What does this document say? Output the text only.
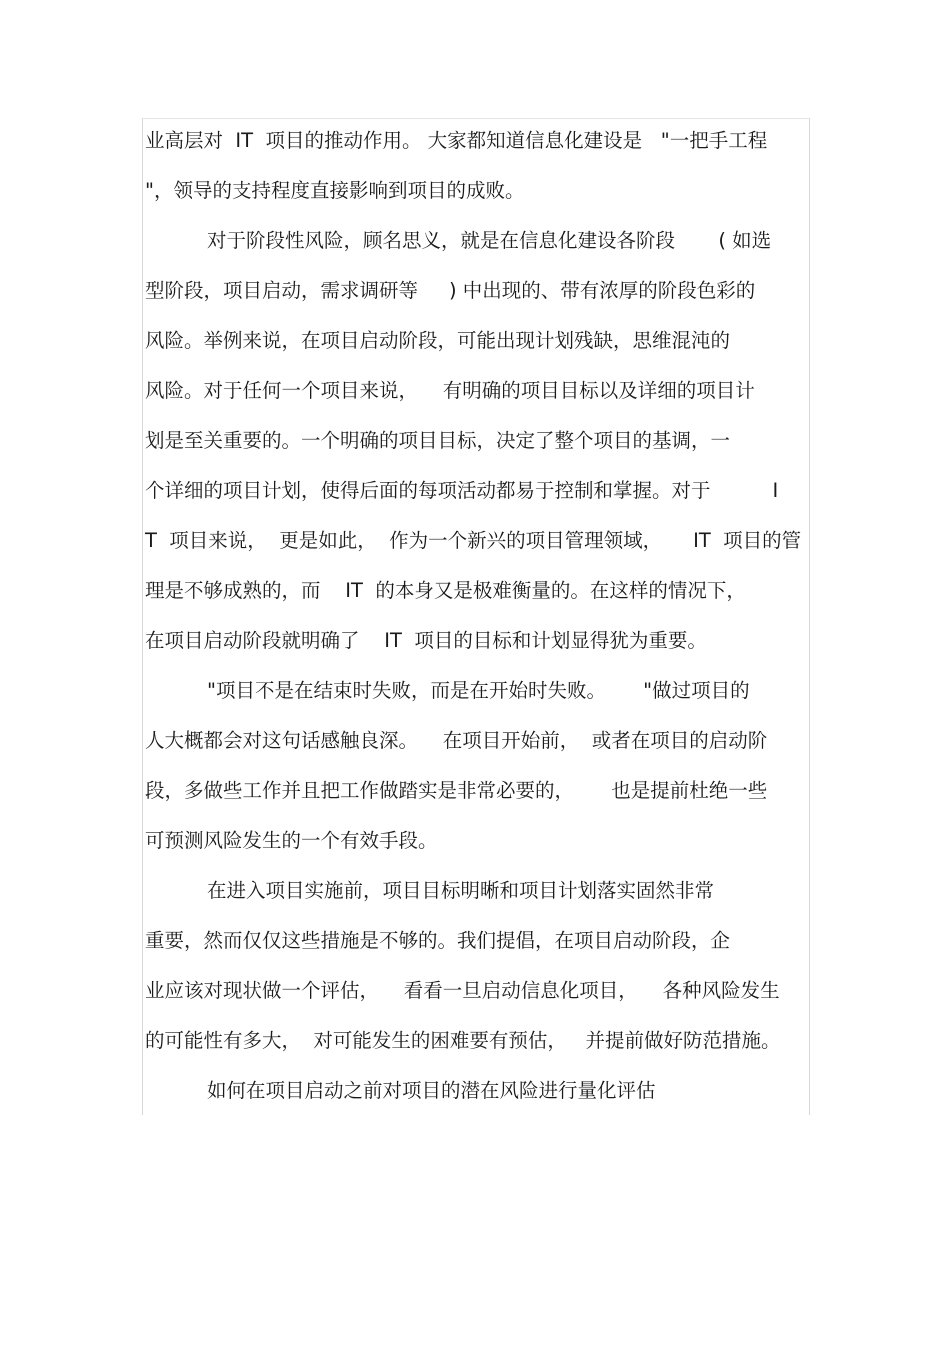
业高层对  IT  项目的推动作用。 大家都知道信息化建设是   "一把手工程
"，领导的支持程度直接影响到项目的成败。
对于阶段性风险，顾名思义，就是在信息化建设各阶段       ( 如选
型阶段，项目启动，需求调研等     ) 中出现的、带有浓厚的阶段色彩的
风险。举例来说，在项目启动阶段，可能出现计划残缺，思维混沌的
风险。对于任何一个项目来说，    有明确的项目目标以及详细的项目计
划是至关重要的。一个明确的项目目标，决定了整个项目的基调，一
个详细的项目计划，使得后面的每项活动都易于控制和掌握。对于          I
T  项目来说，  更是如此，  作为一个新兴的项目管理领域，     IT  项目的管
理是不够成熟的，而    IT  的本身又是极难衡量的。在这样的情况下，
在项目启动阶段就明确了    IT  项目的目标和计划显得犹为重要。
"项目不是在结束时失败，而是在开始时失败。      "做过项目的
人大概都会对这句话感触良深。    在项目开始前，  或者在项目的启动阶
段，多做些工作并且把工作做踏实是非常必要的，      也是提前杜绝一些
可预测风险发生的一个有效手段。
在进入项目实施前，项目目标明晰和项目计划落实固然非常
重要，然而仅仅这些措施是不够的。我们提倡，在项目启动阶段，企
业应该对现状做一个评估，    看看一旦启动信息化项目，    各种风险发生
的可能性有多大，  对可能发生的困难要有预估，   并提前做好防范措施。
如何在项目启动之前对项目的潜在风险进行量化评估
